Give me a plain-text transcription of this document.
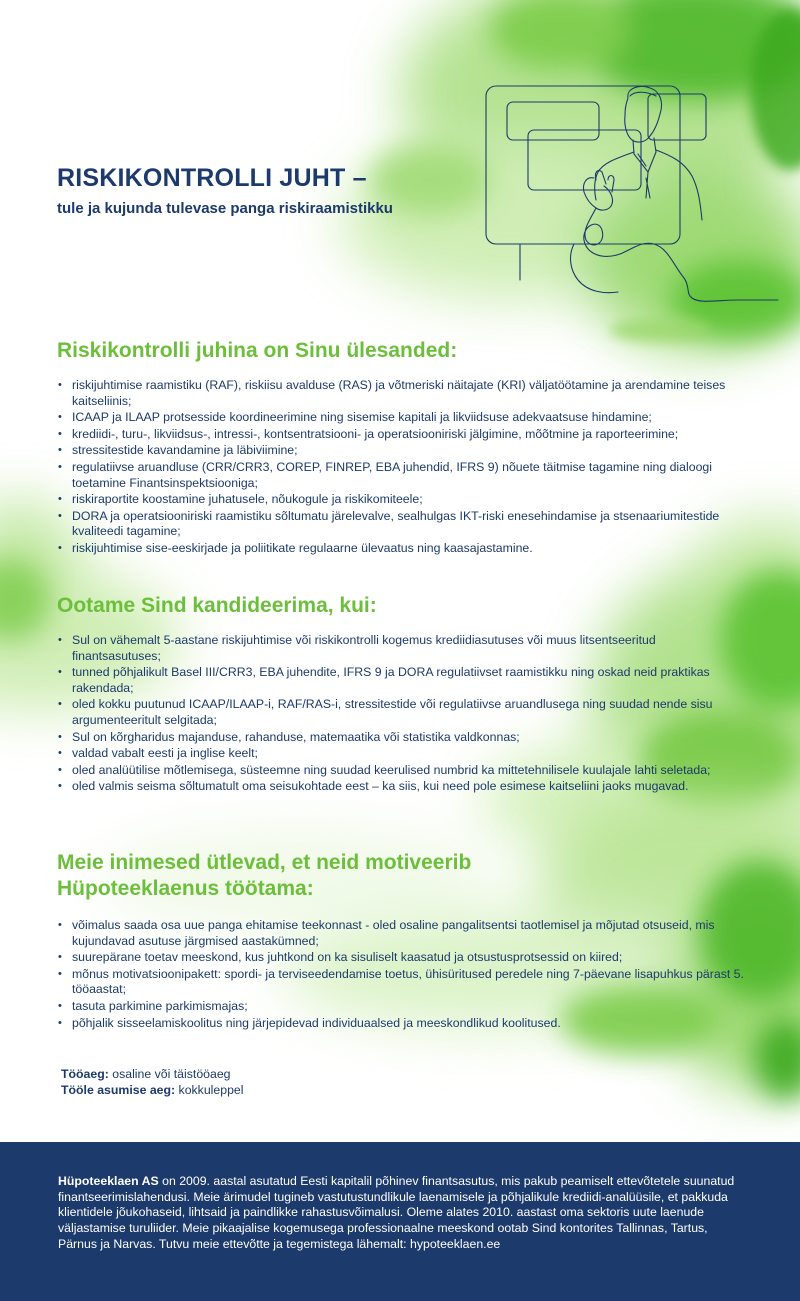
RISKIKONTROLLI JUHT –

tule ja kujunda tulevase panga riskiraamistikku

Riskikontrolli juhina on Sinu ülesanded:
• riskijuhtimise raamistiku (RAF), riskiisu avalduse (RAS) ja võtmeriski näitajate (KRI) väljatöötamine ja arendamine teises kaitseliinis;
• ICAAP ja ILAAP protsesside koordineerimine ning sisemise kapitali ja likviidsuse adekvaatsuse hindamine;
• krediidi-, turu-, likviidsus-, intressi-, kontsentratsiooni- ja operatsiooniriski jälgimine, mõõtmine ja raporteerimine;
• stressitestide kavandamine ja läbiviimine;
• regulatiivse aruandluse (CRR/CRR3, COREP, FINREP, EBA juhendid, IFRS 9) nõuete täitmise tagamine ning dialoogi toetamine Finantsinspektsiooniga;
• riskiraportite koostamine juhatusele, nõukogule ja riskikomiteele;
• DORA ja operatsiooniriski raamistiku sõltumatu järelevalve, sealhulgas IKT-riski enesehindamise ja stsenaariumitestide kvaliteedi tagamine;
• riskijuhtimise sise-eeskirjade ja poliitikate regulaarne ülevaatus ning kaasajastamine.
Ootame Sind kandideerima, kui:
• Sul on vähemalt 5-aastane riskijuhtimise või riskikontrolli kogemus krediidiasutuses või muus litsentseeritud finantsasutuses;
• tunned põhjalikult Basel III/CRR3, EBA juhendite, IFRS 9 ja DORA regulatiivset raamistikku ning oskad neid praktikas rakendada;
• oled kokku puutunud ICAAP/ILAAP-i, RAF/RAS-i, stressitestide või regulatiivse aruandlusega ning suudad nende sisu argumenteeritult selgitada;
• Sul on kõrgharidus majanduse, rahanduse, matemaatika või statistika valdkonnas;
• valdad vabalt eesti ja inglise keelt;
• oled analüütilise mõtlemisega, süsteemne ning suudad keerulised numbrid ka mittetehnilisele kuulajale lahti seletada;
• oled valmis seisma sõltumatult oma seisukohtade eest – ka siis, kui need pole esimese kaitseliini jaoks mugavad.
Meie inimesed ütlevad, et neid motiveerib
Hüpoteeklaenus töötama:
• võimalus saada osa uue panga ehitamise teekonnast - oled osaline pangalitsentsi taotlemisel ja mõjutad otsuseid, mis kujundavad asutuse järgmised aastakümned;
• suurepärane toetav meeskond, kus juhtkond on ka sisuliselt kaasatud ja otsustusprotsessid on kiired;
• mõnus motivatsioonipakett: spordi- ja terviseedendamise toetus, ühisüritused peredele ning 7-päevane lisapuhkus pärast 5. tööaastat;
• tasuta parkimine parkimismajas;
• põhjalik sisseelamiskoolitus ning järjepidevad individuaalsed ja meeskondlikud koolitused.
Tööaeg: osaline või täistööaeg
Tööle asumise aeg: kokkuleppel

Hüpoteeklaen AS on 2009. aastal asutatud Eesti kapitalil põhinev finantsasutus, mis pakub peamiselt ettevõtetele suunatud finantseerimislahendusi. Meie ärimudel tugineb vastutustundlikule laenamisele ja põhjalikule krediidi-analüüsile, et pakkuda klientidele jõukohaseid, lihtsaid ja paindlikke rahastusvõimalusi. Oleme alates 2010. aastast oma sektoris uute laenude väljastamise turuliider. Meie pikaajalise kogemusega professionaalne meeskond ootab Sind kontorites Tallinnas, Tartus, Pärnus ja Narvas. Tutvu meie ettevõtte ja tegemistega lähemalt: hypoteeklaen.ee
